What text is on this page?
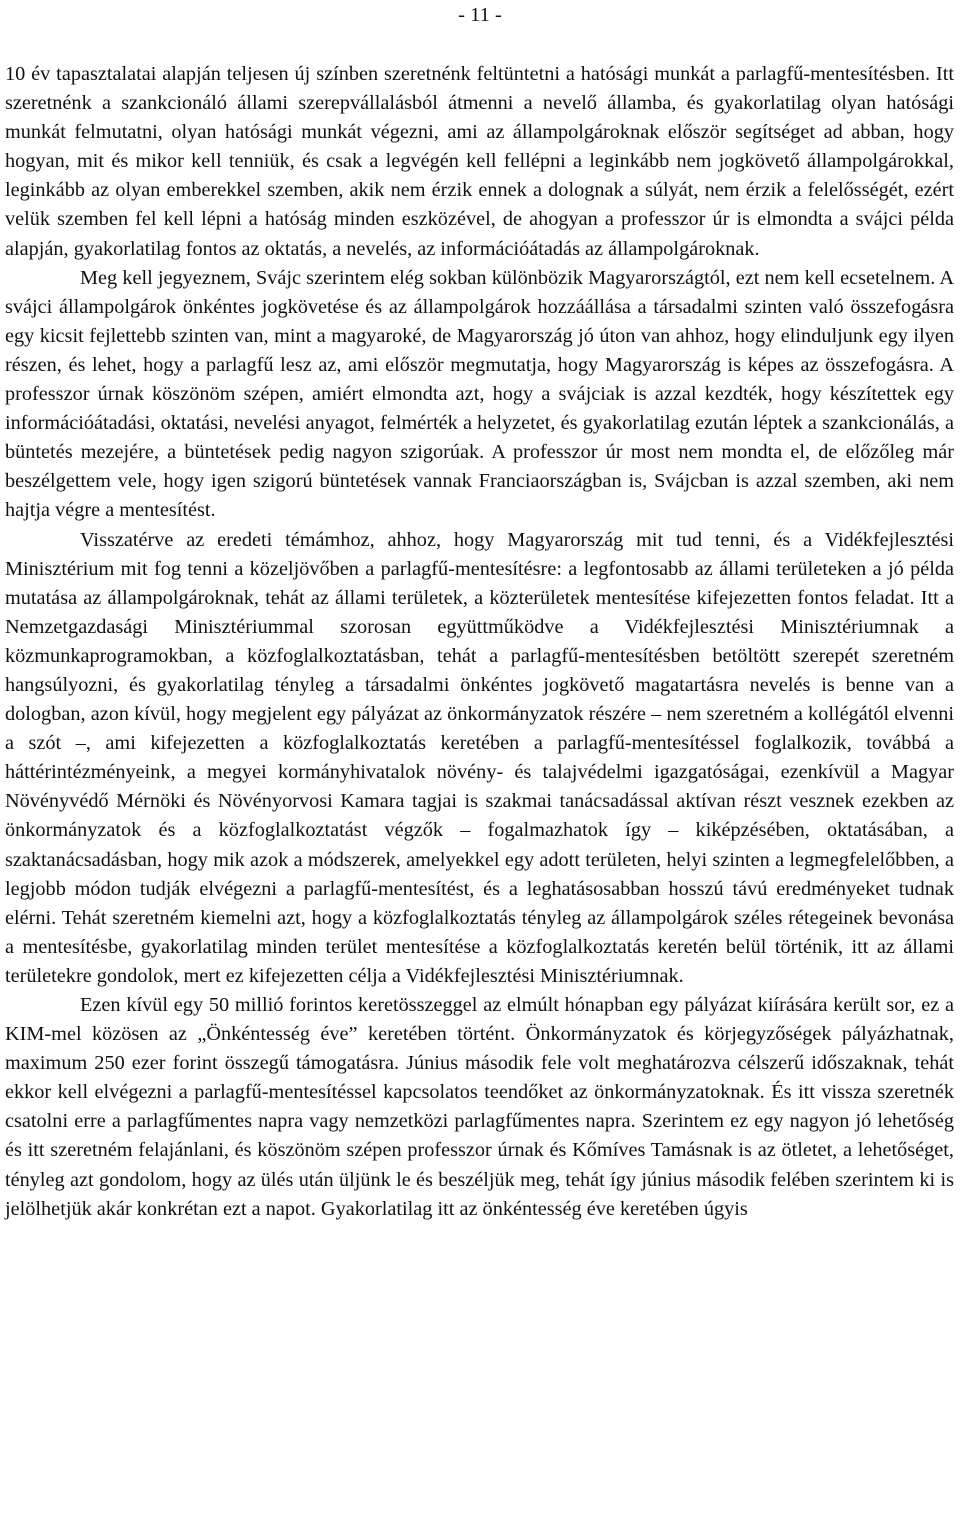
- 11 -

10 év tapasztalatai alapján teljesen új színben szeretnénk feltüntetni a hatósági munkát a parlagfű-mentesítésben. Itt szeretnénk a szankcionáló állami szerepvállalásból átmenni a nevelő államba, és gyakorlatilag olyan hatósági munkát felmutatni, olyan hatósági munkát végezni, ami az állampolgároknak először segítséget ad abban, hogy hogyan, mit és mikor kell tenniük, és csak a legvégén kell fellépni a leginkább nem jogkövető állampolgárokkal, leginkább az olyan emberekkel szemben, akik nem érzik ennek a dolognak a súlyát, nem érzik a felelősségét, ezért velük szemben fel kell lépni a hatóság minden eszközével, de ahogyan a professzor úr is elmondta a svájci példa alapján, gyakorlatilag fontos az oktatás, a nevelés, az információátadás az állampolgároknak.

Meg kell jegyeznem, Svájc szerintem elég sokban különbözik Magyarországtól, ezt nem kell ecsetelnem. A svájci állampolgárok önkéntes jogkövetése és az állampolgárok hozzáállása a társadalmi szinten való összefogásra egy kicsit fejlettebb szinten van, mint a magyaroké, de Magyarország jó úton van ahhoz, hogy elinduljunk egy ilyen részen, és lehet, hogy a parlagfű lesz az, ami először megmutatja, hogy Magyarország is képes az összefogásra. A professzor úrnak köszönöm szépen, amiért elmondta azt, hogy a svájciak is azzal kezdték, hogy készítettek egy információátadási, oktatási, nevelési anyagot, felmérték a helyzetet, és gyakorlatilag ezután léptek a szankcionálás, a büntetés mezejére, a büntetések pedig nagyon szigorúak. A professzor úr most nem mondta el, de előzőleg már beszélgettem vele, hogy igen szigorú büntetések vannak Franciaországban is, Svájcban is azzal szemben, aki nem hajtja végre a mentesítést.

Visszatérve az eredeti témámhoz, ahhoz, hogy Magyarország mit tud tenni, és a Vidékfejlesztési Minisztérium mit fog tenni a közeljövőben a parlagfű-mentesítésre: a legfontosabb az állami területeken a jó példa mutatása az állampolgároknak, tehát az állami területek, a közterületek mentesítése kifejezetten fontos feladat. Itt a Nemzetgazdasági Minisztériummal szorosan együttműködve a Vidékfejlesztési Minisztériumnak a közmunkaprogramokban, a közfoglalkoztatásban, tehát a parlagfű-mentesítésben betöltött szerepét szeretném hangsúlyozni, és gyakorlatilag tényleg a társadalmi önkéntes jogkövető magatartásra nevelés is benne van a dologban, azon kívül, hogy megjelent egy pályázat az önkormányzatok részére – nem szeretném a kollégától elvenni a szót –, ami kifejezetten a közfoglalkoztatás keretében a parlagfű-mentesítéssel foglalkozik, továbbá a háttérintézményeink, a megyei kormányhivatalok növény- és talajvédelmi igazgatóságai, ezenkívül a Magyar Növényvédő Mérnöki és Növényorvosi Kamara tagjai is szakmai tanácsadással aktívan részt vesznek ezekben az önkormányzatok és a közfoglalkoztatást végzők – fogalmazhatok így – kiképzésében, oktatásában, a szaktanácsadásban, hogy mik azok a módszerek, amelyekkel egy adott területen, helyi szinten a legmegfelelőbben, a legjobb módon tudják elvégezni a parlagfű-mentesítést, és a leghatásosabban hosszú távú eredményeket tudnak elérni. Tehát szeretném kiemelni azt, hogy a közfoglalkoztatás tényleg az állampolgárok széles rétegeinek bevonása a mentesítésbe, gyakorlatilag minden terület mentesítése a közfoglalkoztatás keretén belül történik, itt az állami területekre gondolok, mert ez kifejezetten célja a Vidékfejlesztési Minisztériumnak.

Ezen kívül egy 50 millió forintos keretösszeggel az elmúlt hónapban egy pályázat kiírására került sor, ez a KIM-mel közösen az „Önkéntesség éve” keretében történt. Önkormányzatok és körjegyzőségek pályázhatnak, maximum 250 ezer forint összegű támogatásra. Június második fele volt meghatározva célszerű időszaknak, tehát ekkor kell elvégezni a parlagfű-mentesítéssel kapcsolatos teendőket az önkormányzatoknak. És itt vissza szeretnék csatolni erre a parlagfűmentes napra vagy nemzetközi parlagfűmentes napra. Szerintem ez egy nagyon jó lehetőség és itt szeretném felajánlani, és köszönöm szépen professzor úrnak és Kőmíves Tamásnak is az ötletet, a lehetőséget, tényleg azt gondolom, hogy az ülés után üljünk le és beszéljük meg, tehát így június második felében szerintem ki is jelölhetjük akár konkrétan ezt a napot. Gyakorlatilag itt az önkéntesség éve keretében úgyis
